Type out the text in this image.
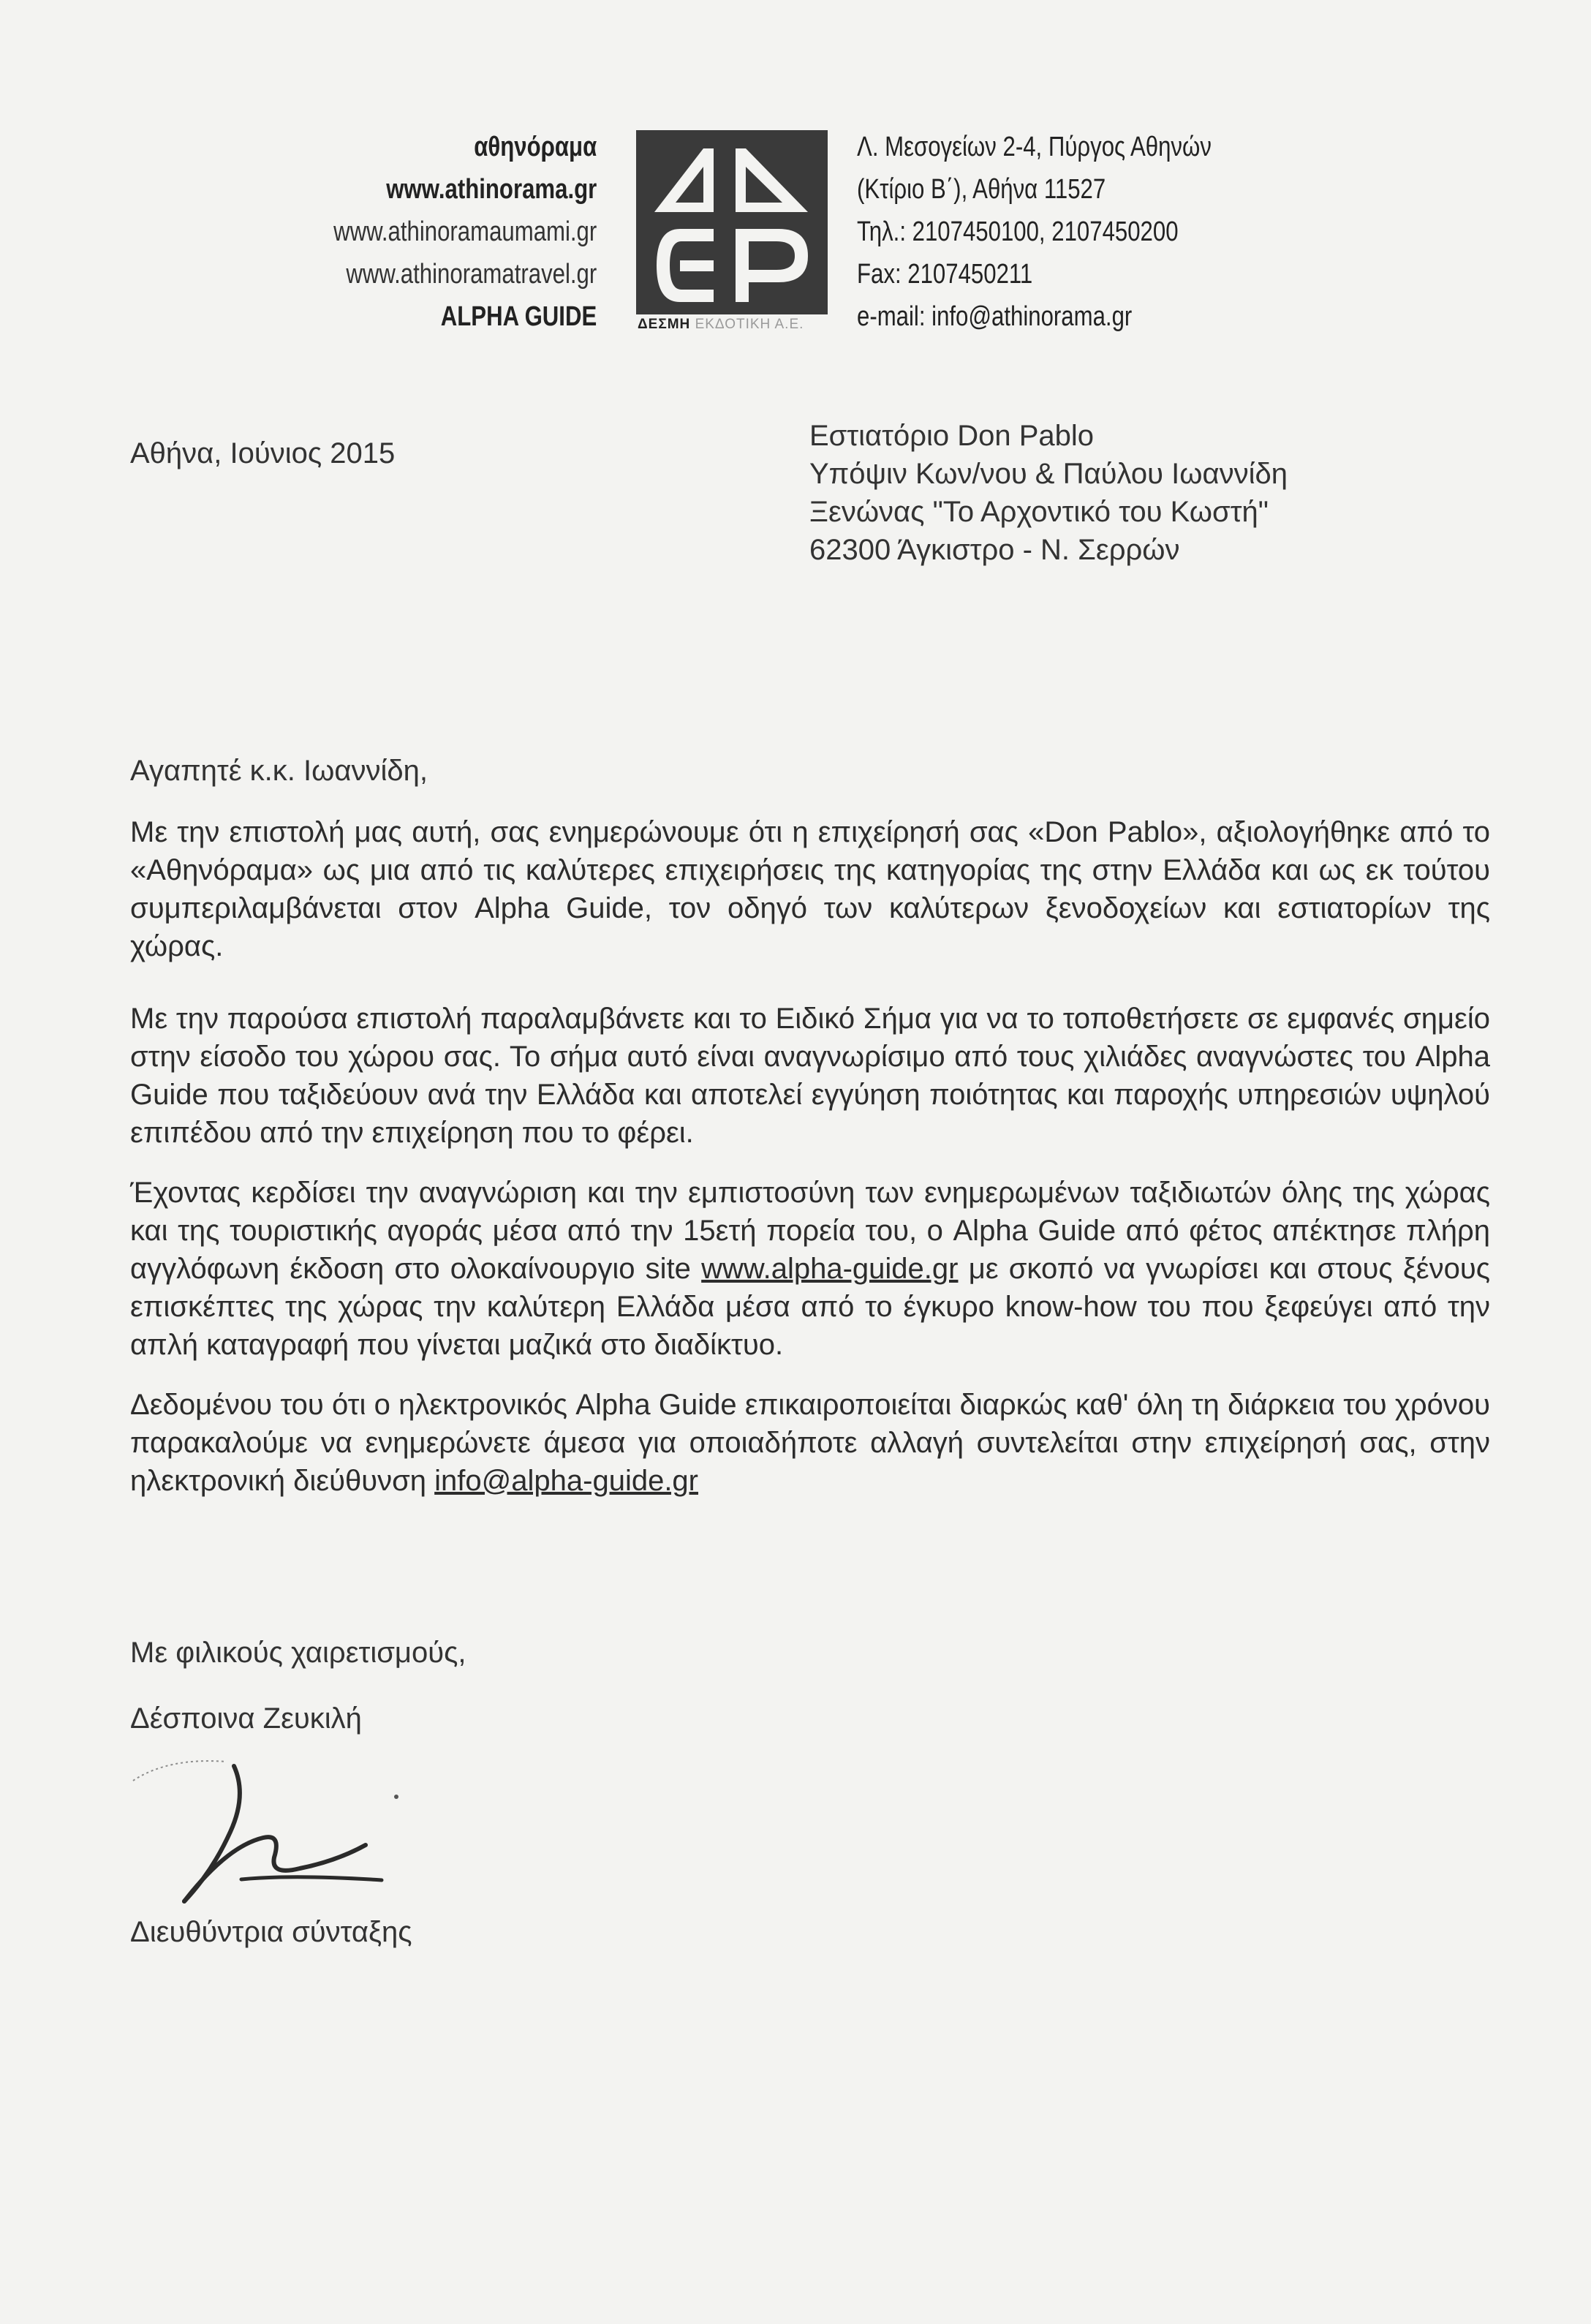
αθηνόραμα
www.athinorama.gr
www.athinoramaumami.gr
www.athinoramatravel.gr
ALPHA GUIDE	ΔΕΣΜΗ ΕΚΔΟΤΙΚΗ Α.Ε.
Λ. Μεσογείων 2-4, Πύργος Αθηνών
(Κτίριο Β΄), Αθήνα 11527
Τηλ.: 2107450100, 2107450200
Fax: 2107450211
e-mail: info@athinorama.gr
Αθήνα, Ιούνιος 2015
Εστιατόριο Don Pablo
Υπόψιν Κων/νου & Παύλου Ιωαννίδη
Ξενώνας "Το Αρχοντικό του Κωστή"
62300 Άγκιστρο - Ν. Σερρών
Αγαπητέ κ.κ. Ιωαννίδη,
Με την επιστολή μας αυτή, σας ενημερώνουμε ότι η επιχείρησή σας «Don Pablo», αξιολογήθηκε από το «Αθηνόραμα» ως μια από τις καλύτερες επιχειρήσεις της κατηγορίας της στην Ελλάδα και ως εκ τούτου συμπεριλαμβάνεται στον Alpha Guide, τον οδηγό των καλύτερων ξενοδοχείων και εστιατορίων της χώρας.
Με την παρούσα επιστολή παραλαμβάνετε και το Ειδικό Σήμα για να το τοποθετήσετε σε εμφανές σημείο στην είσοδο του χώρου σας. Το σήμα αυτό είναι αναγνωρίσιμο από τους χιλιάδες αναγνώστες του Alpha Guide που ταξιδεύουν ανά την Ελλάδα και αποτελεί εγγύηση ποιότητας και παροχής υπηρεσιών υψηλού επιπέδου από την επιχείρηση που το φέρει.
Έχοντας κερδίσει την αναγνώριση και την εμπιστοσύνη των ενημερωμένων ταξιδιωτών όλης της χώρας και της τουριστικής αγοράς μέσα από την 15ετή πορεία του, ο Alpha Guide από φέτος απέκτησε πλήρη αγγλόφωνη έκδοση στο ολοκαίνουργιο site www.alpha-guide.gr με σκοπό να γνωρίσει και στους ξένους επισκέπτες της χώρας την καλύτερη Ελλάδα μέσα από το έγκυρο know-how του που ξεφεύγει από την απλή καταγραφή που γίνεται μαζικά στο διαδίκτυο.
Δεδομένου του ότι ο ηλεκτρονικός Alpha Guide επικαιροποιείται διαρκώς καθ' όλη τη διάρκεια του χρόνου παρακαλούμε να ενημερώνετε άμεσα για οποιαδήποτε αλλαγή συντελείται στην επιχείρησή σας, στην ηλεκτρονική διεύθυνση info@alpha-guide.gr
Με φιλικούς χαιρετισμούς,
Δέσποινα Ζευκιλή
Διευθύντρια σύνταξης
